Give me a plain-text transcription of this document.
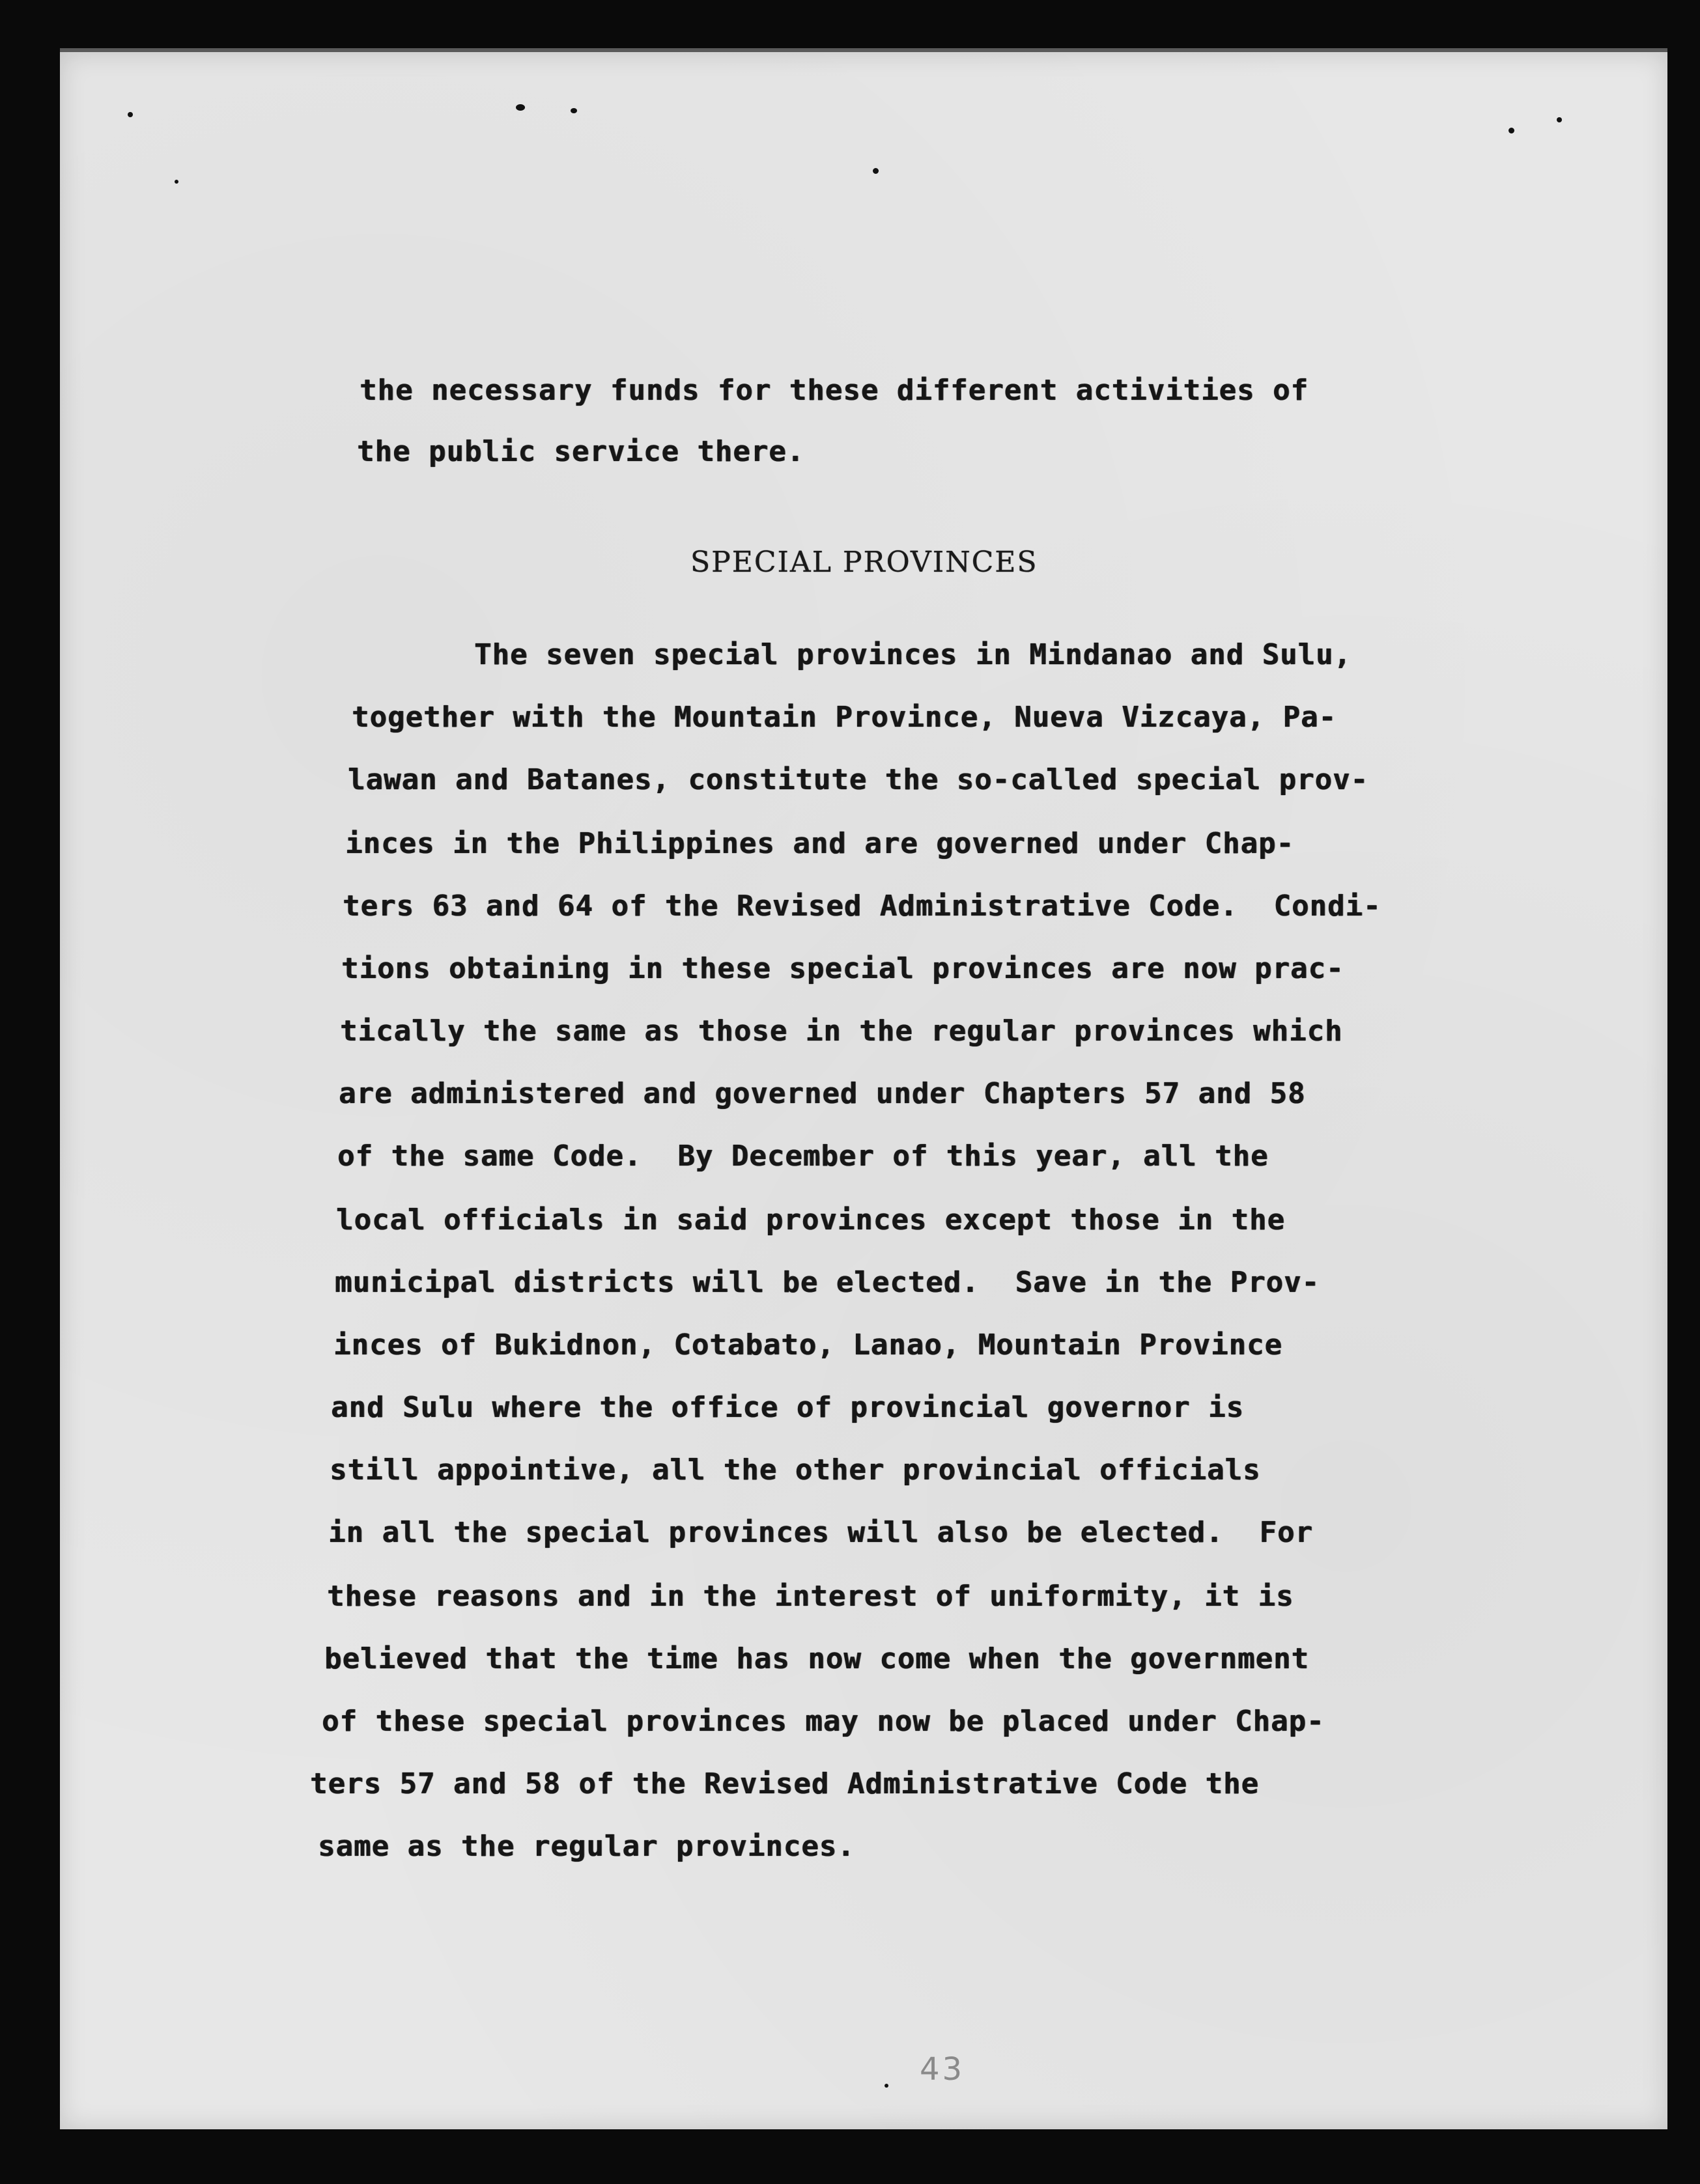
the necessary funds for these different activities of
the public service there.
SPECIAL PROVINCES
The seven special provinces in Mindanao and Sulu,
together with the Mountain Province, Nueva Vizcaya, Pa-
lawan and Batanes, constitute the so-called special prov-
inces in the Philippines and are governed under Chap-
ters 63 and 64 of the Revised Administrative Code.  Condi-
tions obtaining in these special provinces are now prac-
tically the same as those in the regular provinces which
are administered and governed under Chapters 57 and 58
of the same Code.  By December of this year, all the
local officials in said provinces except those in the
municipal districts will be elected.  Save in the Prov-
inces of Bukidnon, Cotabato, Lanao, Mountain Province
and Sulu where the office of provincial governor is
still appointive, all the other provincial officials
in all the special provinces will also be elected.  For
these reasons and in the interest of uniformity, it is
believed that the time has now come when the government
of these special provinces may now be placed under Chap-
ters 57 and 58 of the Revised Administrative Code the
same as the regular provinces.
43
